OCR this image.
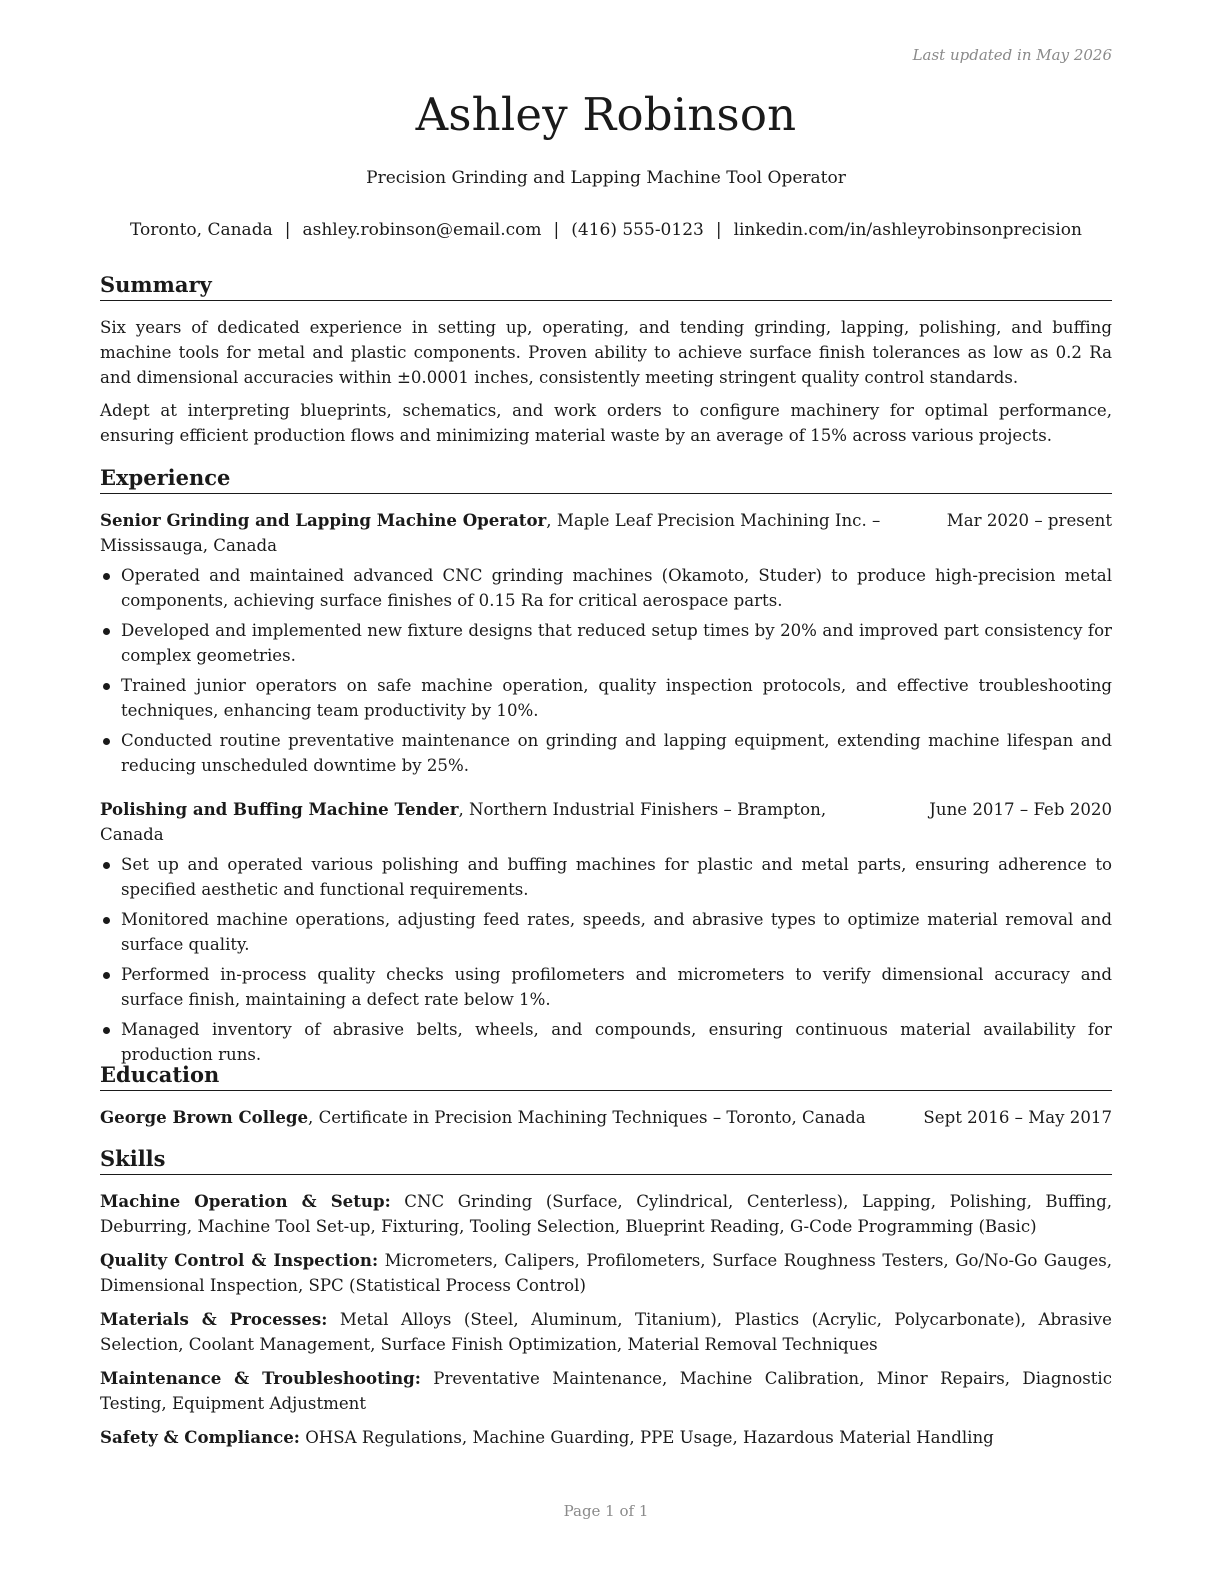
Last updated in May 2026
Ashley Robinson
Precision Grinding and Lapping Machine Tool Operator
Toronto, Canada | ashley.robinson@email.com | (416) 555-0123 | linkedin.com/in/ashleyrobinsonprecision
Summary

Six years of dedicated experience in setting up, operating, and tending grinding, lapping, polishing, and buffing machine tools for metal and plastic components. Proven ability to achieve surface finish tolerances as low as 0.2 Ra and dimensional accuracies within ±0.0001 inches, consistently meeting stringent quality control standards.

Adept at interpreting blueprints, schematics, and work orders to configure machinery for optimal performance, ensuring efficient production flows and minimizing material waste by an average of 15% across various projects.

Experience
Senior Grinding and Lapping Machine Operator, Maple Leaf Precision Machining Inc. – Mississauga, Canada
Mar 2020 – present
Operated and maintained advanced CNC grinding machines (Okamoto, Studer) to produce high-precision metal components, achieving surface finishes of 0.15 Ra for critical aerospace parts.
Developed and implemented new fixture designs that reduced setup times by 20% and improved part consistency for complex geometries.
Trained junior operators on safe machine operation, quality inspection protocols, and effective troubleshooting techniques, enhancing team productivity by 10%.
Conducted routine preventative maintenance on grinding and lapping equipment, extending machine lifespan and reducing unscheduled downtime by 25%.
Polishing and Buffing Machine Tender, Northern Industrial Finishers – Brampton, Canada
June 2017 – Feb 2020
Set up and operated various polishing and buffing machines for plastic and metal parts, ensuring adherence to specified aesthetic and functional requirements.
Monitored machine operations, adjusting feed rates, speeds, and abrasive types to optimize material removal and surface quality.
Performed in-process quality checks using profilometers and micrometers to verify dimensional accuracy and surface finish, maintaining a defect rate below 1%.
Managed inventory of abrasive belts, wheels, and compounds, ensuring continuous material availability for production runs.
Education
George Brown College, Certificate in Precision Machining Techniques – Toronto, Canada	Sept 2016 – May 2017
Skills

Machine Operation & Setup: CNC Grinding (Surface, Cylindrical, Centerless), Lapping, Polishing, Buffing, Deburring, Machine Tool Set-up, Fixturing, Tooling Selection, Blueprint Reading, G-Code Programming (Basic)

Quality Control & Inspection: Micrometers, Calipers, Profilometers, Surface Roughness Testers, Go/No-Go Gauges, Dimensional Inspection, SPC (Statistical Process Control)

Materials & Processes: Metal Alloys (Steel, Aluminum, Titanium), Plastics (Acrylic, Polycarbonate), Abrasive Selection, Coolant Management, Surface Finish Optimization, Material Removal Techniques

Maintenance & Troubleshooting: Preventative Maintenance, Machine Calibration, Minor Repairs, Diagnostic Testing, Equipment Adjustment

Safety & Compliance: OHSA Regulations, Machine Guarding, PPE Usage, Hazardous Material Handling

Page 1 of 1
